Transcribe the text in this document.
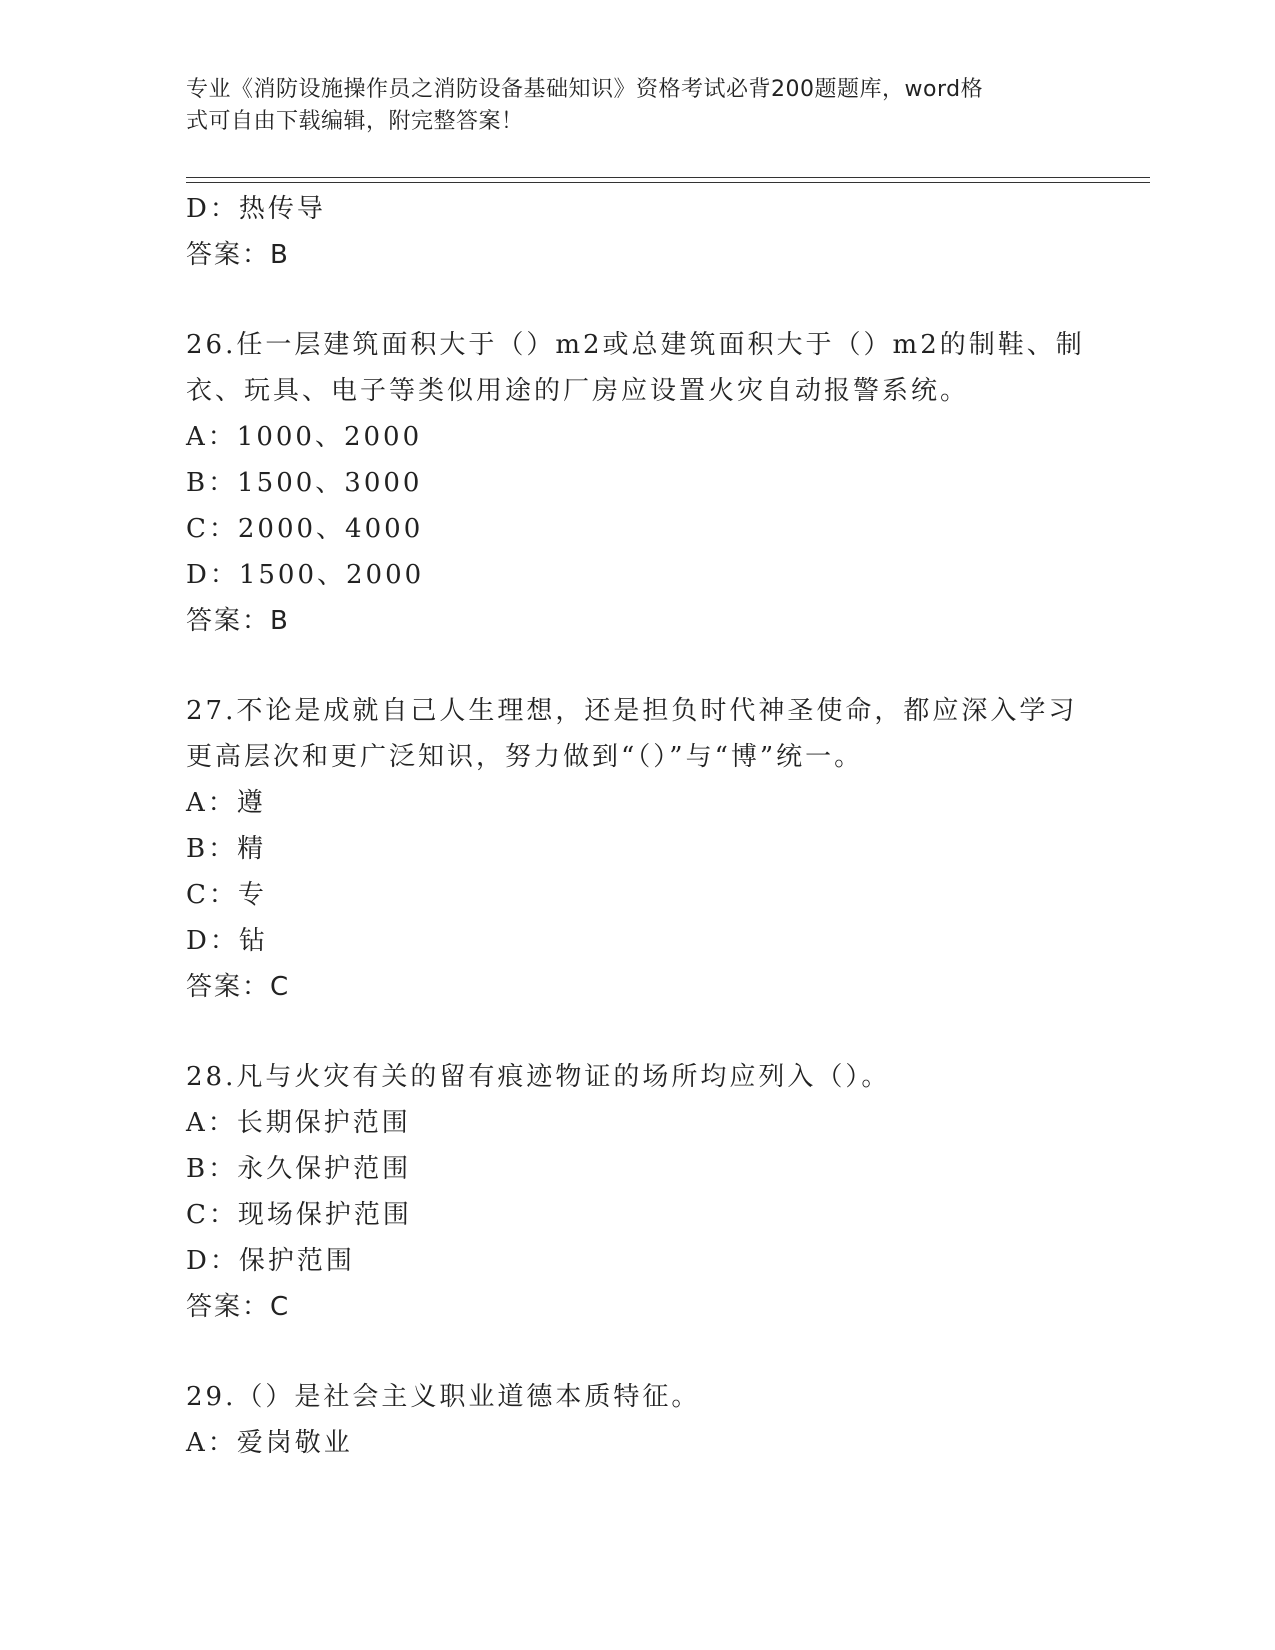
专业《消防设施操作员之消防设备基础知识》资格考试必背200题题库，word格
式可自由下载编辑，附完整答案！
D：热传导
答案：B
26.任一层建筑面积大于（）m2或总建筑面积大于（）m2的制鞋、制
衣、玩具、电子等类似用途的厂房应设置火灾自动报警系统。
A：1000、2000
B：1500、3000
C：2000、4000
D：1500、2000
答案：B
27.不论是成就自己人生理想，还是担负时代神圣使命，都应深入学习
更高层次和更广泛知识，努力做到“（）”与“博”统一。
A：遵
B：精
C：专
D：钻
答案：C
28.凡与火灾有关的留有痕迹物证的场所均应列入（）。
A：长期保护范围
B：永久保护范围
C：现场保护范围
D：保护范围
答案：C
29.（）是社会主义职业道德本质特征。
A：爱岗敬业
